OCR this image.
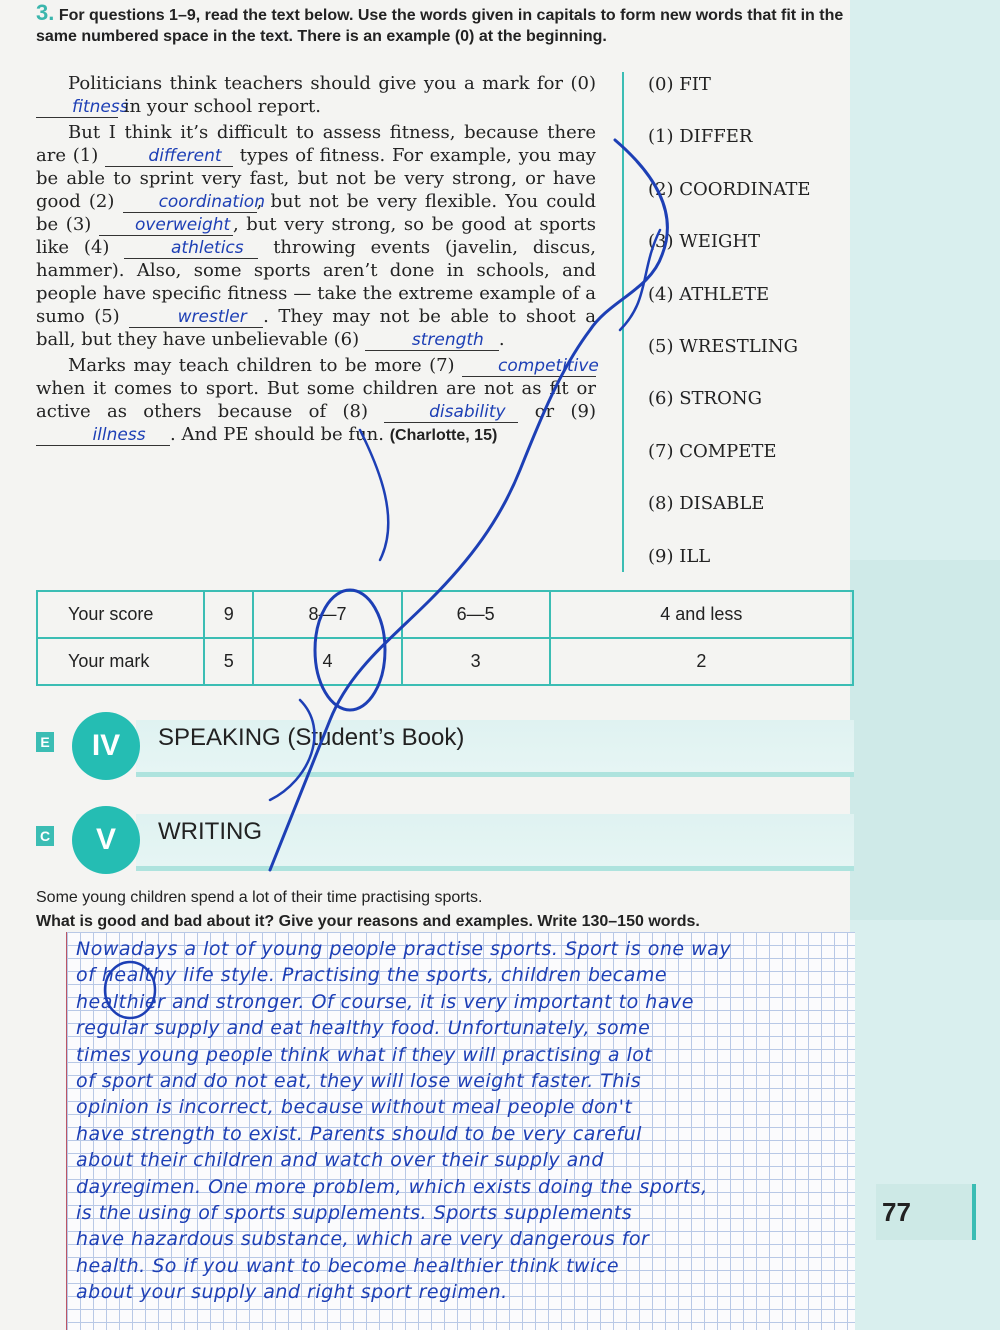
3. For questions 1–9, read the text below. Use the words given in capitals to form new words that fit in the same numbered space in the text. There is an example (0) at the beginning.

Politicians think teachers should give you a mark for (0) fitness in your school report.

But I think it’s difficult to assess fitness, because there are (1)	different types of fitness. For example, you may be able to sprint very fast, but not be very strong, or have good (2)	coordination, but not be very flexible. You could be (3)	overweight , but very strong, so be good at sports like (4)	athletics throwing events (javelin, discus, hammer). Also, some sports aren’t done in schools, and people have specific fitness — take the extreme example of a sumo (5)	wrestler . They may not be able to shoot a ball, but they have unbelievable (6)	strength .

Marks may teach children to be more (7)	competitive when it comes to sport. But some children are not as fit or active as others because of (8)	disability or (9) illness . And PE should be fun. (Charlotte, 15)

(0) FIT
(1) DIFFER
(2) COORDINATE
(3) WEIGHT
(4) ATHLETE
(5) WRESTLING
(6) STRONG
(7) COMPETE
(8) DISABLE
(9) ILL
Your score	9	8—7	6—5	4 and less
Your mark	5	4	3	2
E	IV	SPEAKING (Student’s Book)
C	V	WRITING
Some young children spend a lot of their time practising sports.
What is good and bad about it? Give your reasons and examples. Write 130–150 words.
Nowadays a lot of young people practise sports. Sport is one way
of healthy life style. Practising the sports, children became
healthier and stronger. Of course, it is very important to have
regular supply and eat healthy food. Unfortunately, some
times young people think what if they will practising a lot
of sport and do not eat, they will lose weight faster. This
opinion is incorrect, because without meal people don't
have strength to exist. Parents should to be very careful
about their children and watch over their supply and
dayregimen. One more problem, which exists doing the sports,
is the using of sports supplements. Sports supplements
have hazardous substance, which are very dangerous for
health. So if you want to become healthier think twice
about your supply and right sport regimen.
77
